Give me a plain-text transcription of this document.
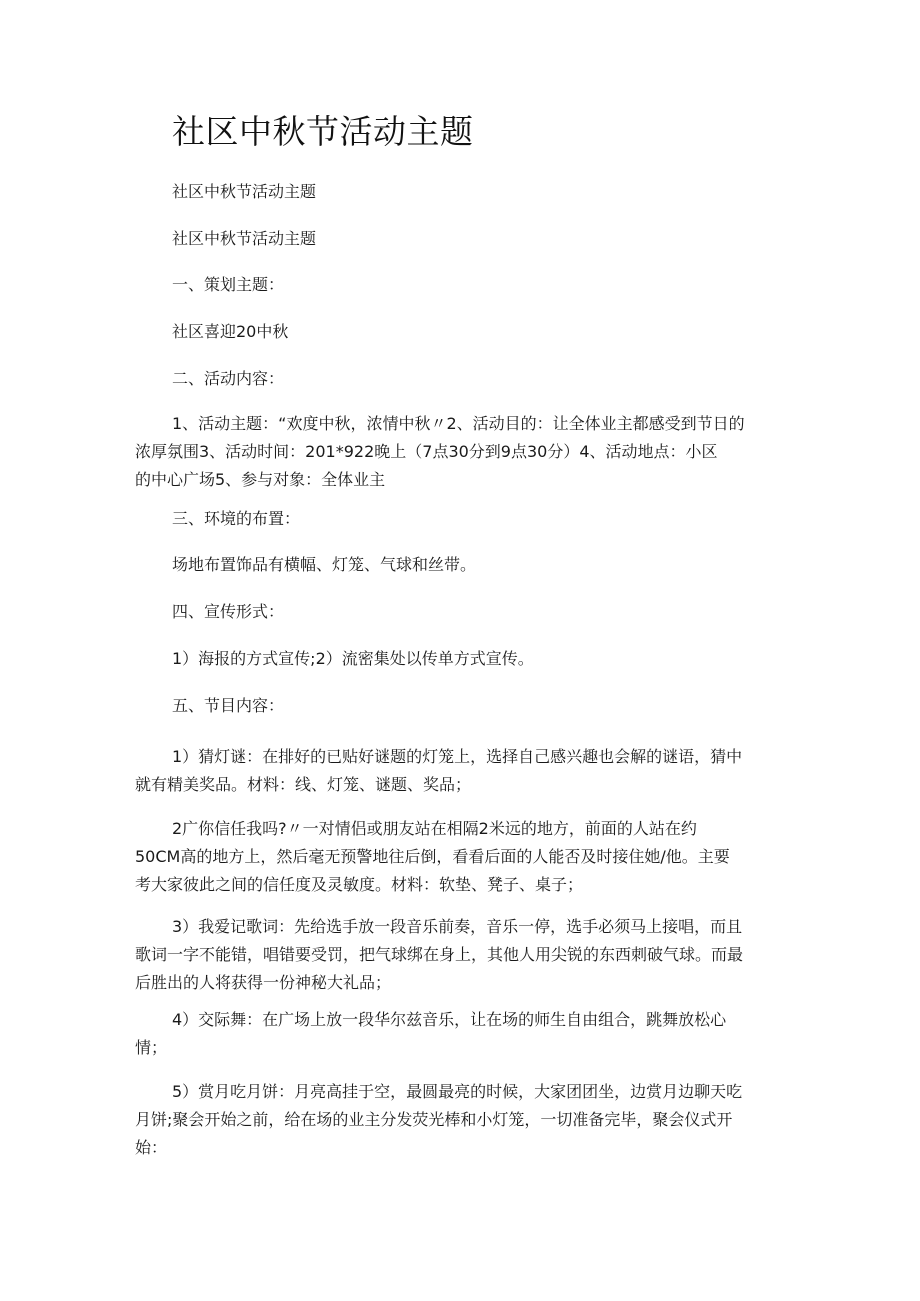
社区中秋节活动主题

社区中秋节活动主题

社区中秋节活动主题

一、策划主题：

社区喜迎20中秋

二、活动内容：

1、活动主题：“欢度中秋，浓情中秋〃2、活动目的：让全体业主都感受到节日的
浓厚氛围3、活动时间：201*922晚上（7点30分到9点30分）4、活动地点：小区
的中心广场5、参与对象：全体业主

三、环境的布置：

场地布置饰品有横幅、灯笼、气球和丝带。

四、宣传形式：

1）海报的方式宣传;2）流密集处以传单方式宣传。

五、节目内容：

1）猜灯谜：在排好的已贴好谜题的灯笼上，选择自己感兴趣也会解的谜语，猜中
就有精美奖品。材料：线、灯笼、谜题、奖品；
2广你信任我吗?〃一对情侣或朋友站在相隔2米远的地方，前面的人站在约
50CM高的地方上，然后毫无预警地往后倒，看看后面的人能否及时接住她/他。主要
考大家彼此之间的信任度及灵敏度。材料：软垫、凳子、桌子；
3）我爱记歌词：先给选手放一段音乐前奏，音乐一停，选手必须马上接唱，而且
歌词一字不能错，唱错要受罚，把气球绑在身上，其他人用尖锐的东西刺破气球。而最
后胜出的人将获得一份神秘大礼品；
4）交际舞：在广场上放一段华尔兹音乐，让在场的师生自由组合，跳舞放松心
情；
5）赏月吃月饼：月亮高挂于空，最圆最亮的时候，大家团团坐，边赏月边聊天吃
月饼;聚会开始之前，给在场的业主分发荧光棒和小灯笼，一切准备完毕，聚会仪式开
始：
